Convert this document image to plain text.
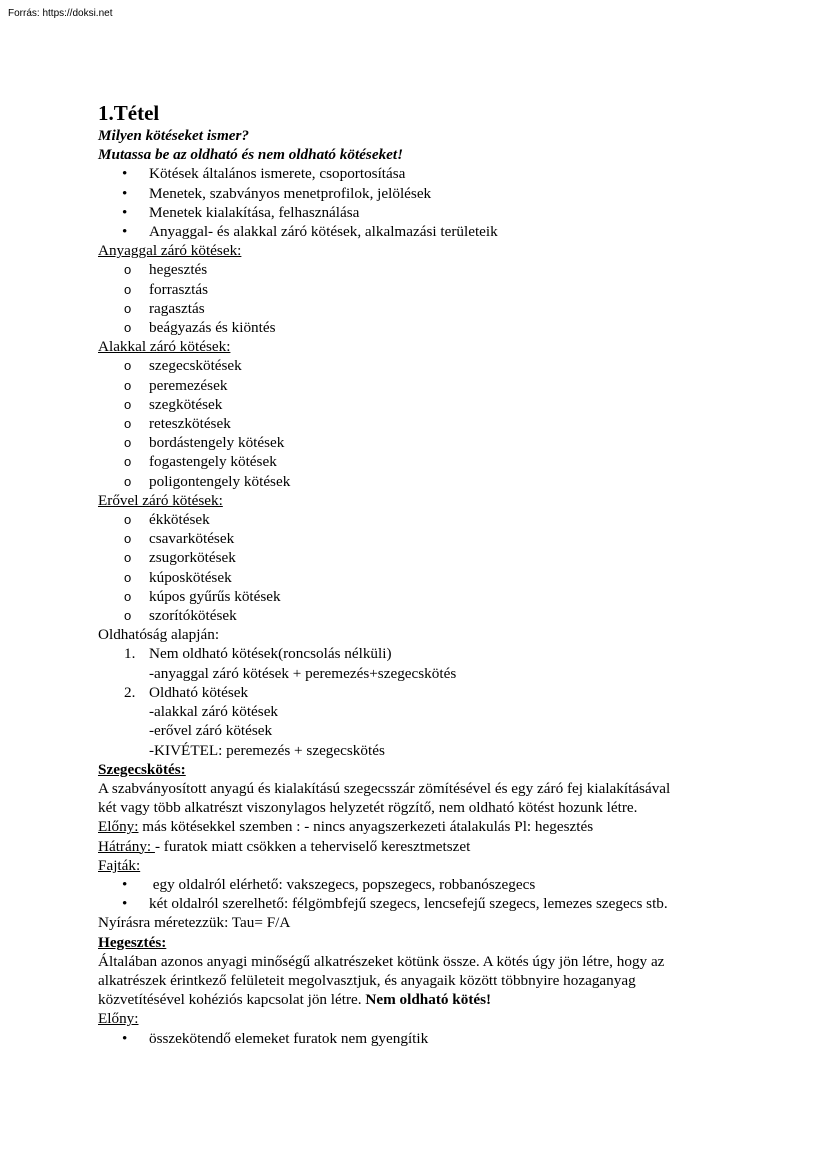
Forrás: https://doksi.net
1.Tétel
Milyen kötéseket ismer?
Mutassa be az oldható és nem oldható kötéseket!
• Kötések általános ismerete, csoportosítása
• Menetek, szabványos menetprofilok, jelölések
• Menetek kialakítása, felhasználása
• Anyaggal- és alakkal záró kötések, alkalmazási területeik
Anyaggal záró kötések:
o hegesztés
o forrasztás
o ragasztás
o beágyazás és kiöntés
Alakkal záró kötések:
o szegecskötések
o peremezések
o szegkötések
o reteszkötések
o bordástengely kötések
o fogastengely kötések
o poligontengely kötések
Erővel záró kötések:
o ékkötések
o csavarkötések
o zsugorkötések
o kúposkötések
o kúpos gyűrűs kötések
o szorítókötések
Oldhatóság alapján:
1. Nem oldható kötések(roncsolás nélküli)
-anyaggal záró kötések + peremezés+szegecskötés
2. Oldható kötések
-alakkal záró kötések
-erővel záró kötések
-KIVÉTEL: peremezés + szegecskötés
Szegecskötés:
A szabványosított anyagú és kialakítású szegecsszár zömítésével és egy záró fej kialakításával
két vagy több alkatrészt viszonylagos helyzetét rögzítő, nem oldható kötést hozunk létre.
Előny: más kötésekkel szemben : - nincs anyagszerkezeti átalakulás Pl: hegesztés
Hátrány: - furatok miatt csökken a teherviselő keresztmetszet
Fajták:
• egy oldalról elérhető: vakszegecs, popszegecs, robbanószegecs
• két oldalról szerelhető: félgömbfejű szegecs, lencsefejű szegecs, lemezes szegecs stb.
Nyírásra méretezzük: Tau= F/A
Hegesztés:
Általában azonos anyagi minőségű alkatrészeket kötünk össze. A kötés úgy jön létre, hogy az
alkatrészek érintkező felületeit megolvasztjuk, és anyagaik között többnyire hozaganyag
közvetítésével kohéziós kapcsolat jön létre. Nem oldható kötés!
Előny:
• összekötendő elemeket furatok nem gyengítik
